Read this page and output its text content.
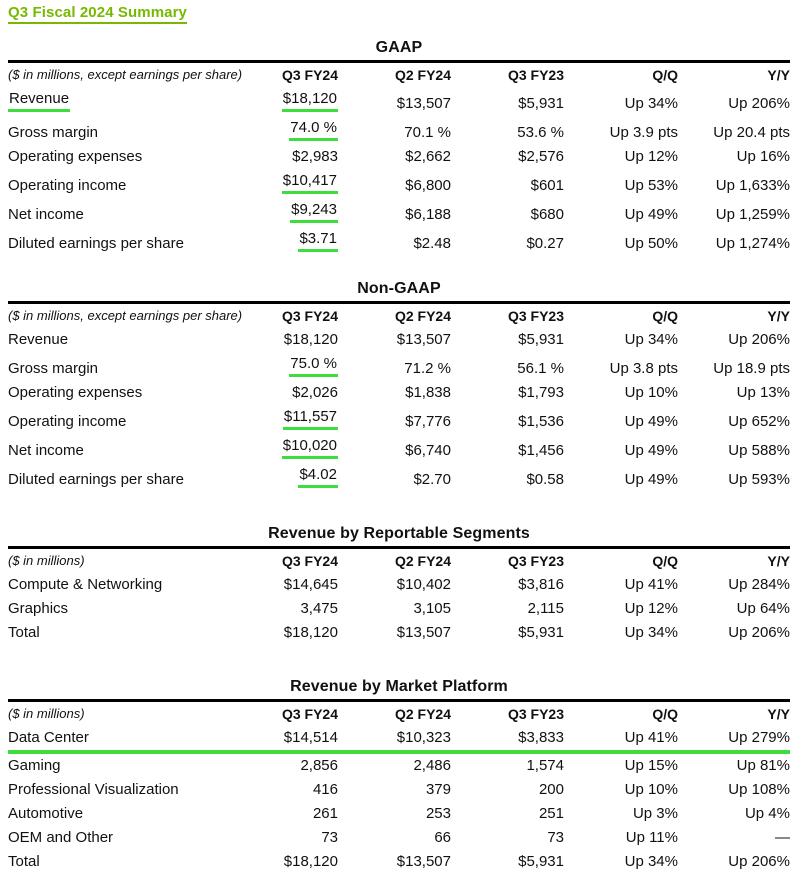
Q3 Fiscal 2024 Summary
GAAP
($ in millions, except earnings per share)	Q3 FY24	Q2 FY24	Q3 FY23	Q/Q	Y/Y
Revenue	$18,120	$13,507	$5,931	Up 34%	Up 206%
Gross margin	74.0 %	70.1 %	53.6 %	Up 3.9 pts	Up 20.4 pts
Operating expenses	$2,983	$2,662	$2,576	Up 12%	Up 16%
Operating income	$10,417	$6,800	$601	Up 53%	Up 1,633%
Net income	$9,243	$6,188	$680	Up 49%	Up 1,259%
Diluted earnings per share	$3.71	$2.48	$0.27	Up 50%	Up 1,274%
Non-GAAP
($ in millions, except earnings per share)	Q3 FY24	Q2 FY24	Q3 FY23	Q/Q	Y/Y
Revenue	$18,120	$13,507	$5,931	Up 34%	Up 206%
Gross margin	75.0 %	71.2 %	56.1 %	Up 3.8 pts	Up 18.9 pts
Operating expenses	$2,026	$1,838	$1,793	Up 10%	Up 13%
Operating income	$11,557	$7,776	$1,536	Up 49%	Up 652%
Net income	$10,020	$6,740	$1,456	Up 49%	Up 588%
Diluted earnings per share	$4.02	$2.70	$0.58	Up 49%	Up 593%
Revenue by Reportable Segments
($ in millions)	Q3 FY24	Q2 FY24	Q3 FY23	Q/Q	Y/Y
Compute & Networking	$14,645	$10,402	$3,816	Up 41%	Up 284%
Graphics	3,475	3,105	2,115	Up 12%	Up 64%
Total	$18,120	$13,507	$5,931	Up 34%	Up 206%
Revenue by Market Platform
($ in millions)	Q3 FY24	Q2 FY24	Q3 FY23	Q/Q	Y/Y
Data Center	$14,514	$10,323	$3,833	Up 41%	Up 279%
Gaming	2,856	2,486	1,574	Up 15%	Up 81%
Professional Visualization	416	379	200	Up 10%	Up 108%
Automotive	261	253	251	Up 3%	Up 4%
OEM and Other	73	66	73	Up 11%	—
Total	$18,120	$13,507	$5,931	Up 34%	Up 206%
